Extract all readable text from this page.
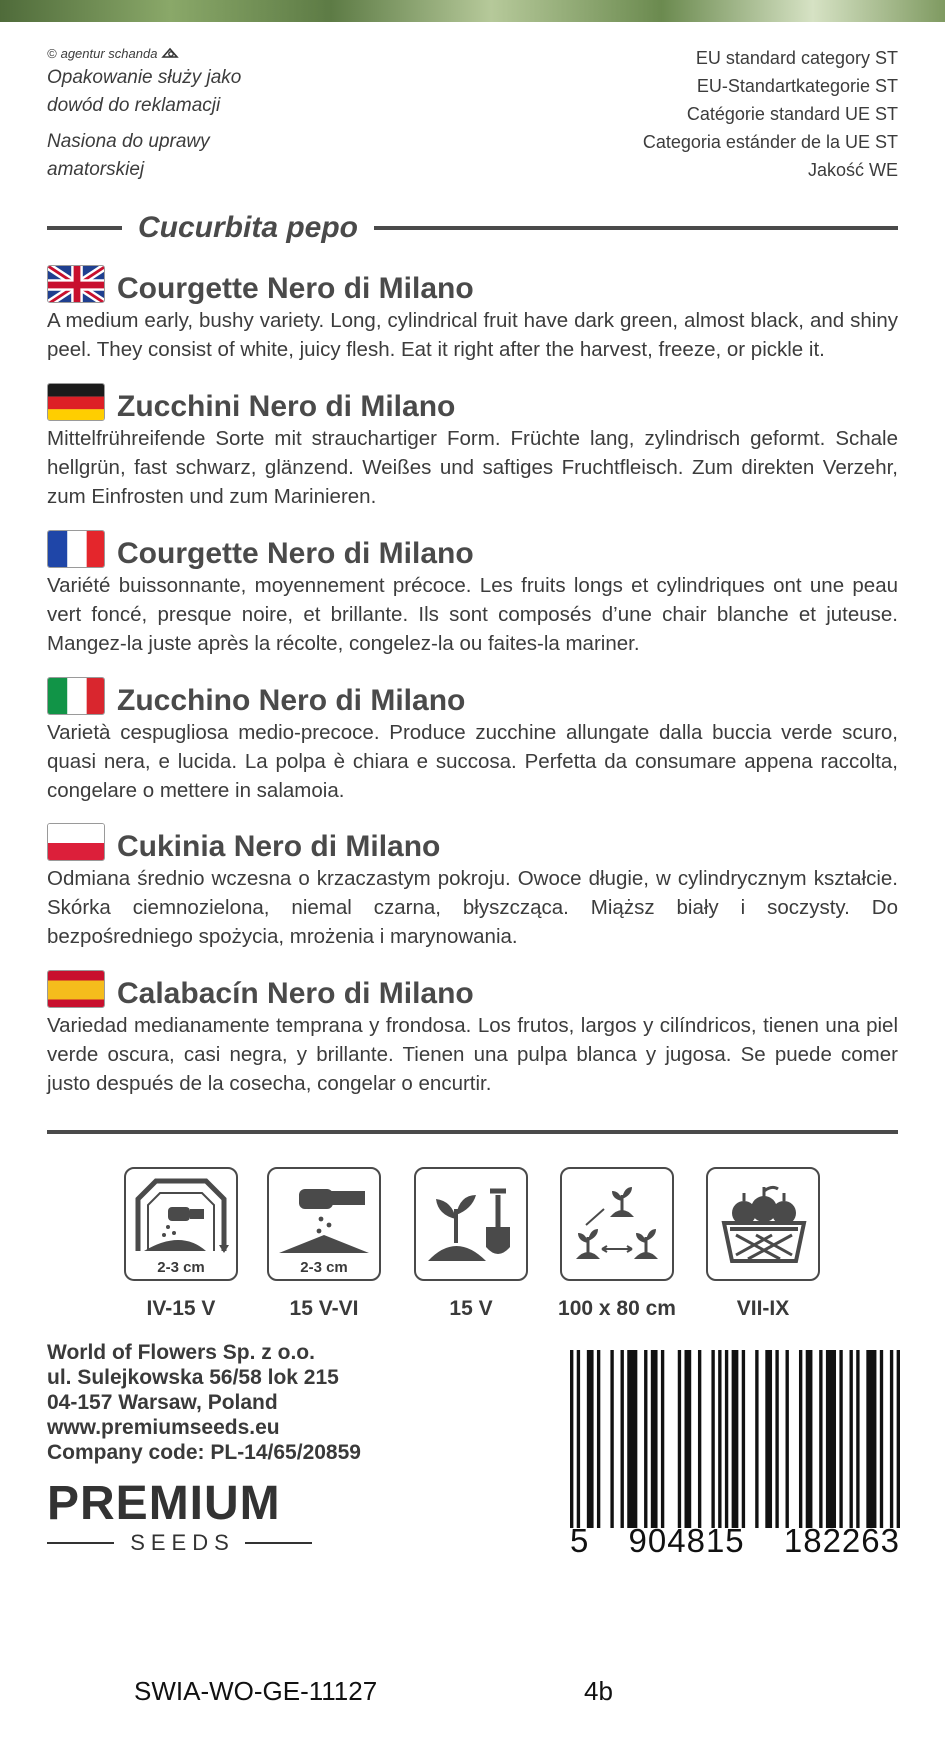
© agentur schanda
Opakowanie służy jako
dowód do reklamacji
Nasiona do uprawy
amatorskiej
EU standard category ST
EU-Standartkategorie ST
Catégorie standard UE ST
Categoria estánder de la UE ST
Jakość WE
Cucurbita pepo
Courgette Nero di Milano
A medium early, bushy variety. Long, cylindrical fruit have dark green, almost black, and shiny peel. They consist of white, juicy flesh. Eat it right after the harvest, freeze, or pickle it.
Zucchini Nero di Milano
Mittelfrühreifende Sorte mit strauchartiger Form. Früchte lang, zylindrisch geformt. Schale hellgrün, fast schwarz, glänzend. Weißes und saftiges Fruchtfleisch. Zum direkten Verzehr, zum Einfrosten und zum Marinieren.
Courgette Nero di Milano
Variété buissonnante, moyennement précoce. Les fruits longs et cylindriques ont une peau vert foncé, presque noire, et brillante. Ils sont composés d’une chair blanche et juteuse. Mangez-la juste après la récolte, congelez-la ou faites-la mariner.
Zucchino Nero di Milano
Varietà cespugliosa medio-precoce. Produce zucchine allungate dalla buccia verde scuro, quasi nera, e lucida. La polpa è chiara e succosa. Perfetta da consumare appena raccolta, congelare o mettere in salamoia.
Cukinia Nero di Milano
Odmiana średnio wczesna o krzaczastym pokroju. Owoce długie, w cylindrycznym kształcie. Skórka ciemnozielona, niemal czarna, błyszcząca. Miąższ biały i soczysty. Do bezpośredniego spożycia, mrożenia i marynowania.
Calabacín Nero di Milano
Variedad medianamente temprana y frondosa. Los frutos, largos y cilíndricos, tienen una piel verde oscura, casi negra, y brillante. Tienen una pulpa blanca y jugosa. Se puede comer justo después de la cosecha, congelar o encurtir.
2-3 cm
IV-15 V
2-3 cm
15 V-VI	15 V	100 x 80 cm	VII-IX
World of Flowers Sp. z o.o.
ul. Sulejkowska 56/58 lok 215
04-157 Warsaw, Poland
www.premiumseeds.eu
Company code: PL-14/65/20859
PREMIUM
SEEDS	5 904815 182263
SWIA-WO-GE-11127	4b
